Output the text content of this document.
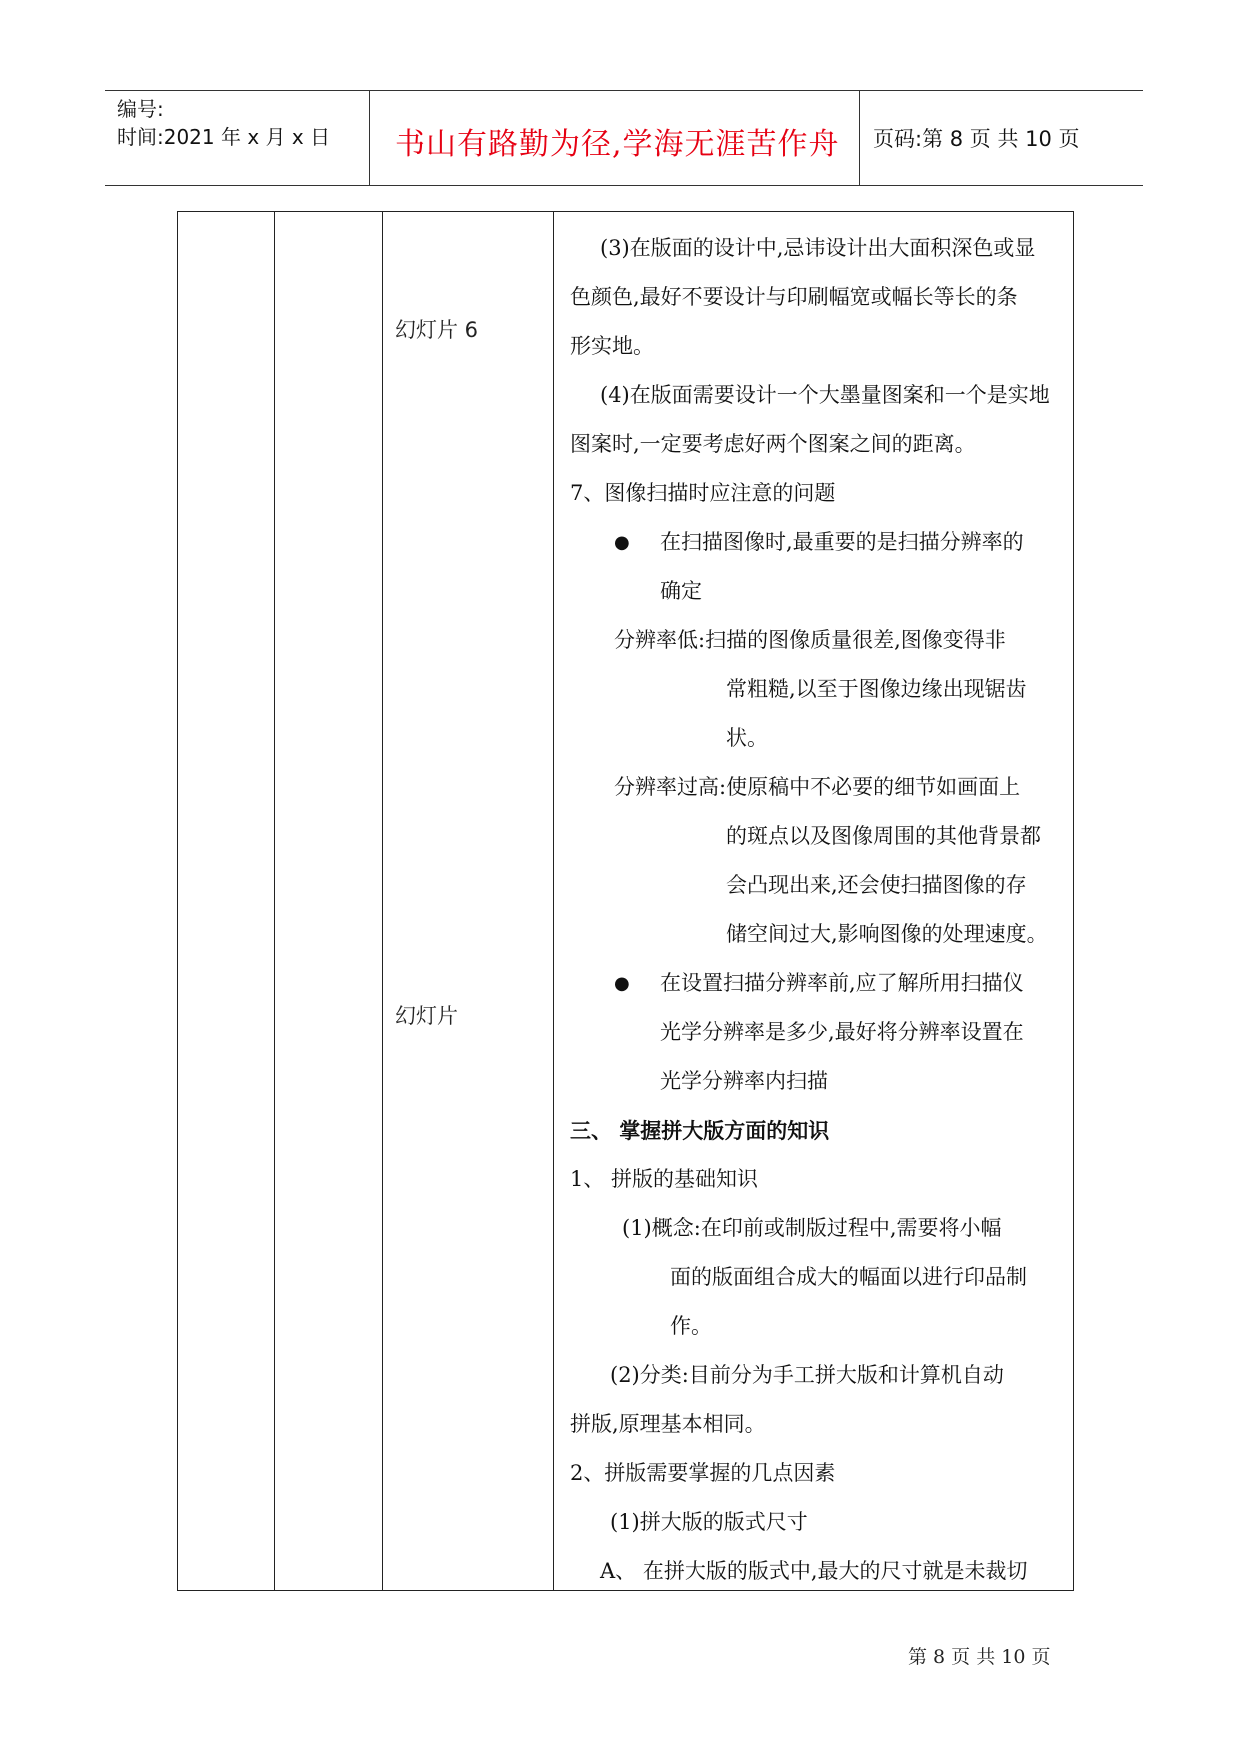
编号:
时间:2021 年 x 月 x 日 书山有路勤为径,学海无涯苦作舟 页码:第 8 页 共 10 页
幻灯片 6
幻灯片
(3)在版面的设计中,忌讳设计出大面积深色或显
色颜色,最好不要设计与印刷幅宽或幅长等长的条
形实地。
(4)在版面需要设计一个大墨量图案和一个是实地
图案时,一定要考虑好两个图案之间的距离。
7、图像扫描时应注意的问题
● 在扫描图像时,最重要的是扫描分辨率的
确定
分辨率低:扫描的图像质量很差,图像变得非
常粗糙,以至于图像边缘出现锯齿
状。
分辨率过高:使原稿中不必要的细节如画面上
的斑点以及图像周围的其他背景都
会凸现出来,还会使扫描图像的存
储空间过大,影响图像的处理速度。
● 在设置扫描分辨率前,应了解所用扫描仪
光学分辨率是多少,最好将分辨率设置在
光学分辨率内扫描
三、 掌握拼大版方面的知识
1、 拼版的基础知识
(1)概念:在印前或制版过程中,需要将小幅
面的版面组合成大的幅面以进行印品制
作。
(2)分类:目前分为手工拼大版和计算机自动
拼版,原理基本相同。
2、拼版需要掌握的几点因素
(1)拼大版的版式尺寸
A、 在拼大版的版式中,最大的尺寸就是未裁切
第 8 页 共 10 页
